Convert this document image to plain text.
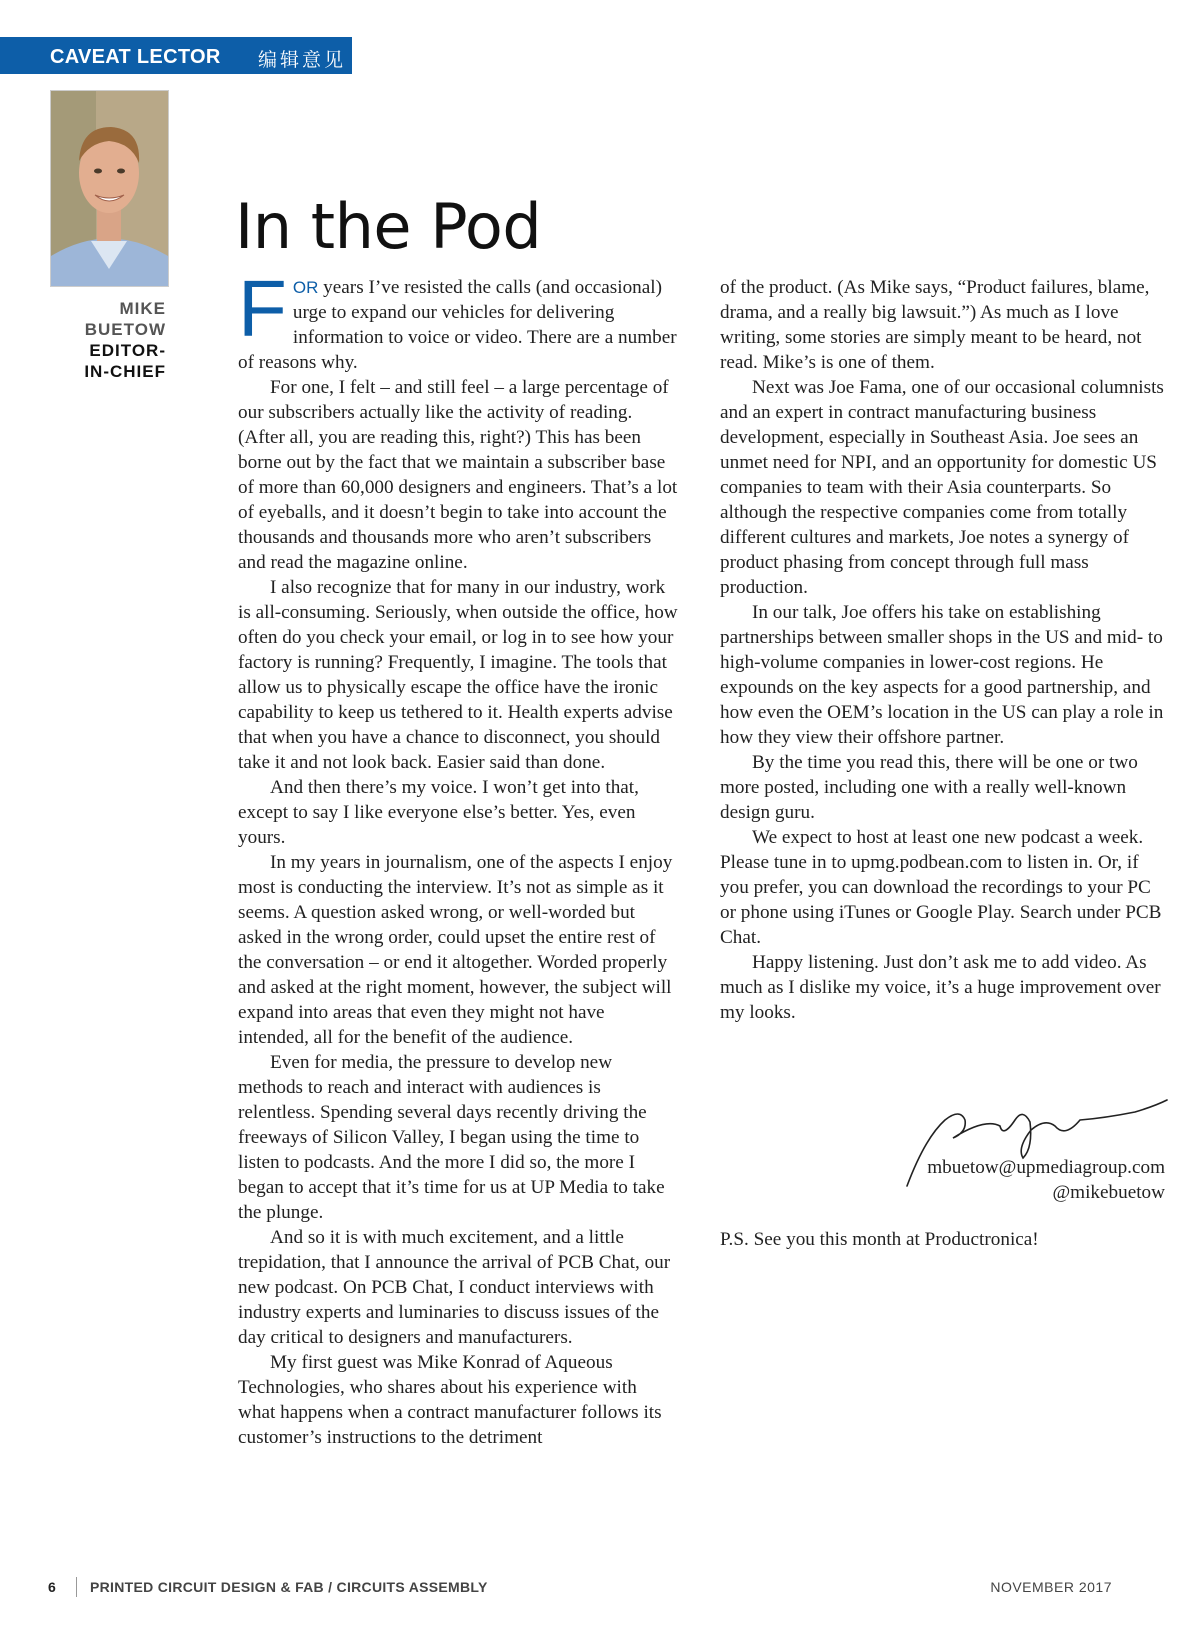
CAVEAT LECTOR 编辑意见
MIKE
BUETOW
EDITOR-
IN-CHIEF
In the Pod

FOR years I’ve resisted the calls (and occasional) urge to expand our vehicles for delivering information to voice or video. There are a number of reasons why.

For one, I felt – and still feel – a large percentage of our subscribers actually like the activity of reading. (After all, you are reading this, right?) This has been borne out by the fact that we maintain a subscriber base of more than 60,000 designers and engineers. That’s a lot of eyeballs, and it doesn’t begin to take into account the thousands and thousands more who aren’t subscribers and read the magazine online.

I also recognize that for many in our industry, work is all-consuming. Seriously, when outside the office, how often do you check your email, or log in to see how your factory is running? Frequently, I imagine. The tools that allow us to physically escape the office have the ironic capability to keep us tethered to it. Health experts advise that when you have a chance to disconnect, you should take it and not look back. Easier said than done.

And then there’s my voice. I won’t get into that, except to say I like everyone else’s better. Yes, even yours.

In my years in journalism, one of the aspects I enjoy most is conducting the interview. It’s not as simple as it seems. A question asked wrong, or well-worded but asked in the wrong order, could upset the entire rest of the conversation – or end it altogether. Worded properly and asked at the right moment, however, the subject will expand into areas that even they might not have intended, all for the benefit of the audience.

Even for media, the pressure to develop new methods to reach and interact with audiences is relentless. Spending several days recently driving the freeways of Silicon Valley, I began using the time to listen to podcasts. And the more I did so, the more I began to accept that it’s time for us at UP Media to take the plunge.

And so it is with much excitement, and a little trepidation, that I announce the arrival of PCB Chat, our new podcast. On PCB Chat, I conduct interviews with industry experts and luminaries to discuss issues of the day critical to designers and manufacturers.

My first guest was Mike Konrad of Aqueous Technologies, who shares about his experience with what happens when a contract manufacturer follows its customer’s instructions to the detriment

of the product. (As Mike says, “Product failures, blame, drama, and a really big lawsuit.”) As much as I love writing, some stories are simply meant to be heard, not read. Mike’s is one of them.

Next was Joe Fama, one of our occasional columnists and an expert in contract manufacturing business development, especially in Southeast Asia. Joe sees an unmet need for NPI, and an opportunity for domestic US companies to team with their Asia counterparts. So although the respective companies come from totally different cultures and markets, Joe notes a synergy of product phasing from concept through full mass production.

In our talk, Joe offers his take on establishing partnerships between smaller shops in the US and mid- to high-volume companies in lower-cost regions. He expounds on the key aspects for a good partnership, and how even the OEM’s location in the US can play a role in how they view their offshore partner.

By the time you read this, there will be one or two more posted, including one with a really well-known design guru.

We expect to host at least one new podcast a week. Please tune in to upmg.podbean.com to listen in. Or, if you prefer, you can download the recordings to your PC or phone using iTunes or Google Play. Search under PCB Chat.

Happy listening. Just don’t ask me to add video. As much as I dislike my voice, it’s a huge improvement over my looks.

mbuetow@upmediagroup.com
@mikebuetow
P.S. See you this month at Productronica!
6 PRINTED CIRCUIT DESIGN & FAB / CIRCUITS ASSEMBLY	NOVEMBER 2017
